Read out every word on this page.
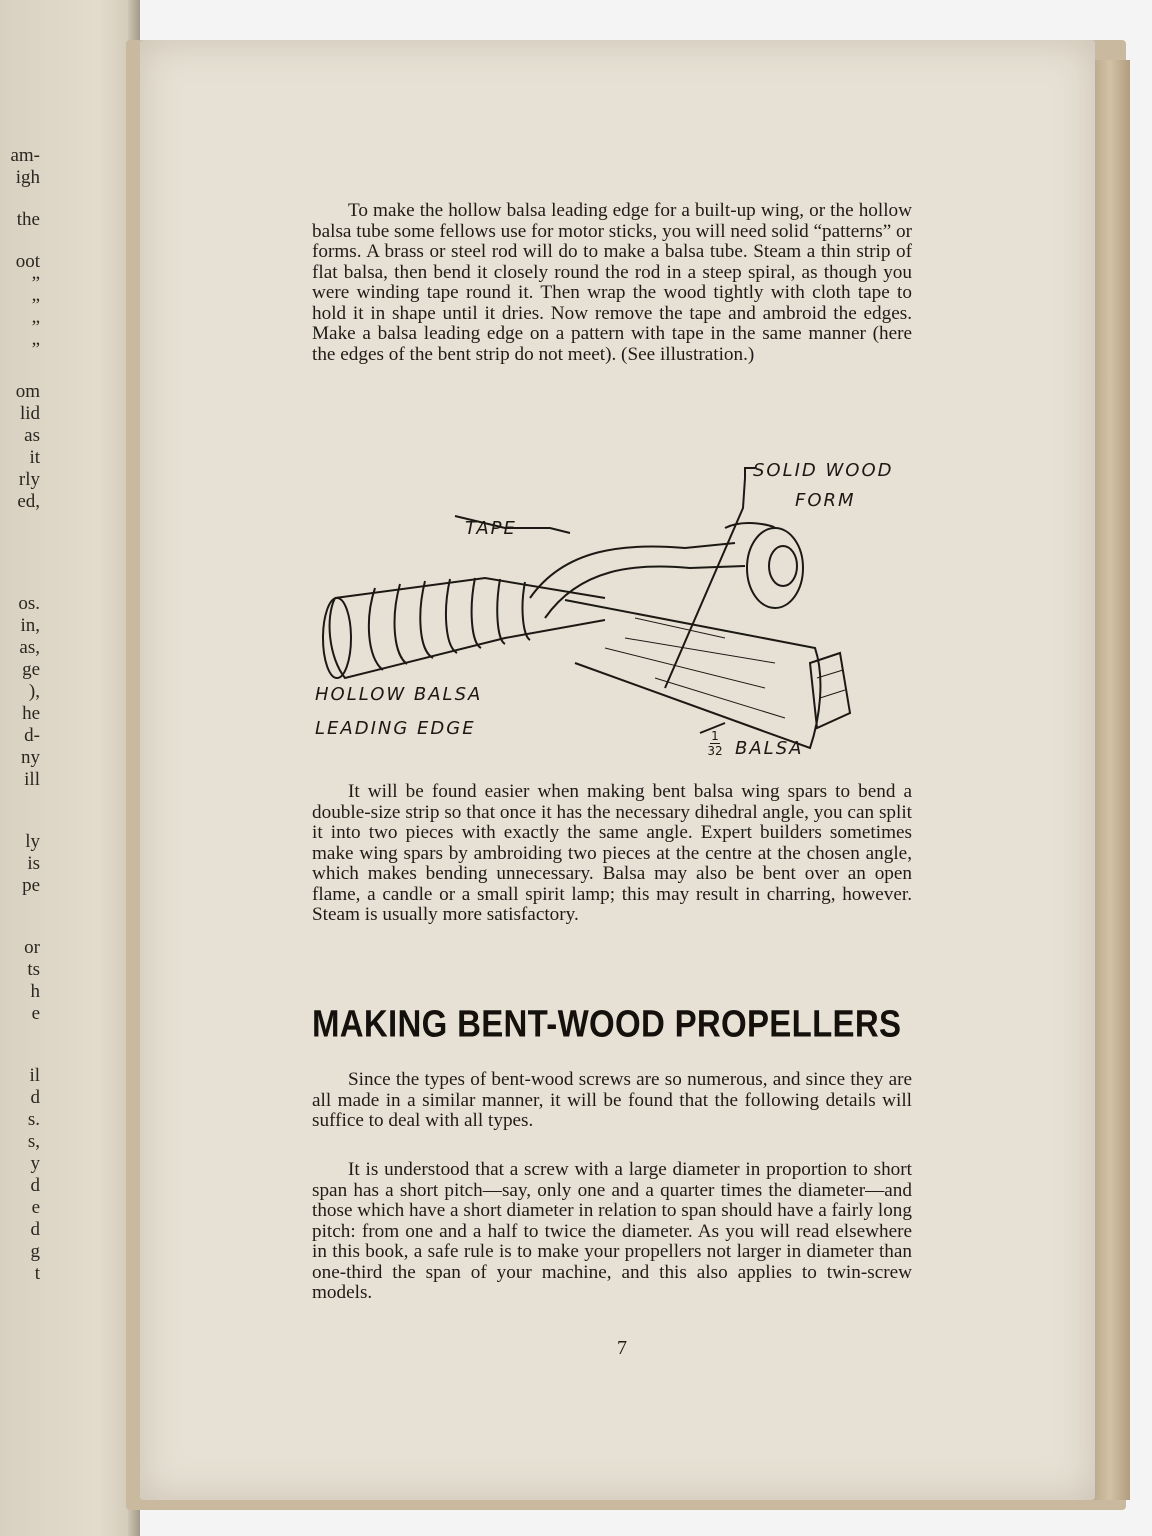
am-
igh
the
oot
”
”
”
”
om
lid
as
it
rly
ed,
os.
in,
as,
ge
),
he
d-
ny
ill
ly
is
pe
or
ts
h
e
il
d
s.
s,
y
d
e
d
g
t

To make the hollow balsa leading edge for a built-up wing, or the hollow balsa tube some fellows use for motor sticks, you will need solid “patterns” or forms. A brass or steel rod will do to make a balsa tube. Steam a thin strip of flat balsa, then bend it closely round the rod in a steep spiral, as though you were winding tape round it. Then wrap the wood tightly with cloth tape to hold it in shape until it dries. Now remove the tape and ambroid the edges. Make a balsa leading edge on a pattern with tape in the same manner (here the edges of the bent strip do not meet). (See illustration.)

SOLID WOOD
FORM
TAPE
HOLLOW BALSA
LEADING EDGE	1
32 BALSA

It will be found easier when making bent balsa wing spars to bend a double-size strip so that once it has the necessary dihedral angle, you can split it into two pieces with exactly the same angle. Expert builders sometimes make wing spars by ambroiding two pieces at the centre at the chosen angle, which makes bending unnecessary. Balsa may also be bent over an open flame, a candle or a small spirit lamp; this may result in charring, however. Steam is usually more satisfactory.

MAKING BENT-WOOD PROPELLERS

Since the types of bent-wood screws are so numerous, and since they are all made in a similar manner, it will be found that the following details will suffice to deal with all types.

It is understood that a screw with a large diameter in proportion to short span has a short pitch—say, only one and a quarter times the diameter—and those which have a short diameter in relation to span should have a fairly long pitch: from one and a half to twice the diameter. As you will read elsewhere in this book, a safe rule is to make your propellers not larger in diameter than one-third the span of your machine, and this also applies to twin-screw models.

7
